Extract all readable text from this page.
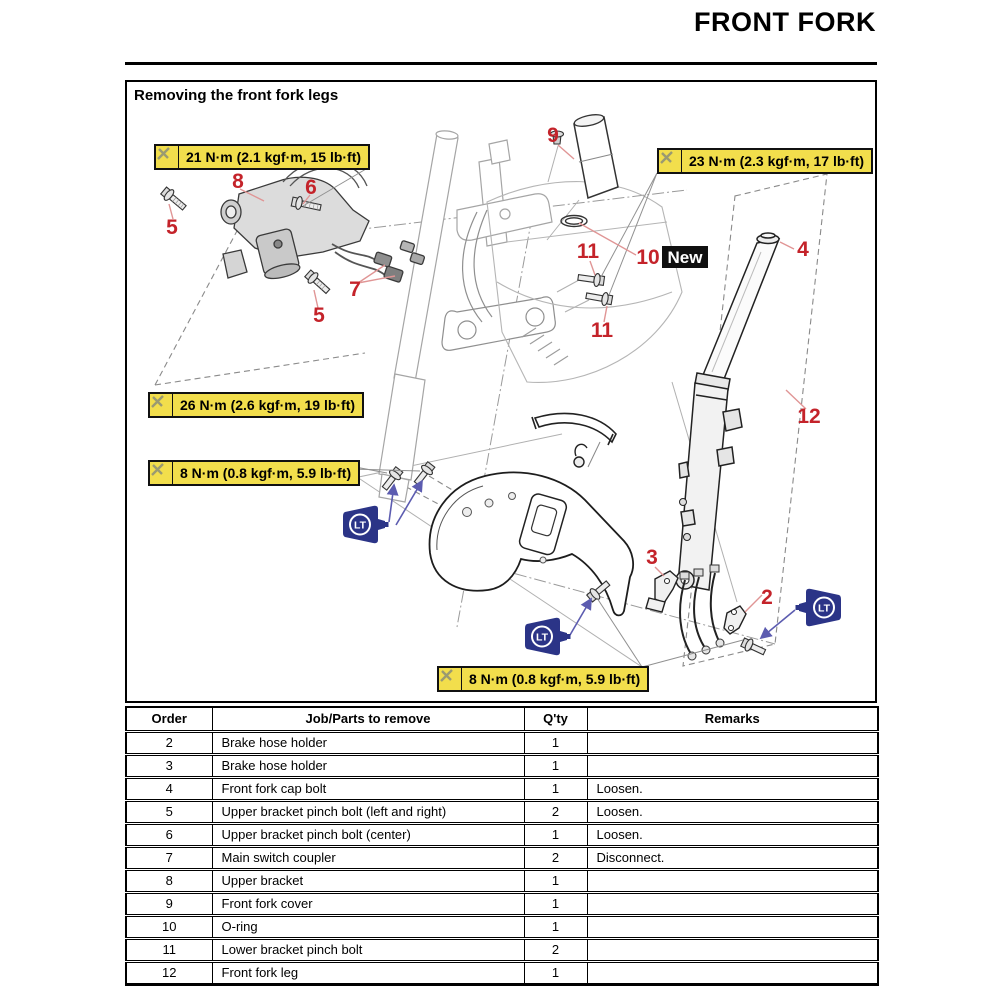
FRONT FORK
Removing the front fork legs
8	6
5
7
5
9
11 10
11
4
12
3
2
New
LT
LT
LT
21 N·m (2.1 kgf·m, 15 lb·ft)	23 N·m (2.3 kgf·m, 17 lb·ft)
26 N·m (2.6 kgf·m, 19 lb·ft)
8 N·m (0.8 kgf·m, 5.9 lb·ft)
8 N·m (0.8 kgf·m, 5.9 lb·ft)
Order	Job/Parts to remove	Q'ty	Remarks
2	Brake hose holder	1	
3	Brake hose holder	1	
4	Front fork cap bolt	1	Loosen.
5	Upper bracket pinch bolt (left and right)	2	Loosen.
6	Upper bracket pinch bolt (center)	1	Loosen.
7	Main switch coupler	2	Disconnect.
8	Upper bracket	1	
9	Front fork cover	1	
10	O-ring	1	
11	Lower bracket pinch bolt	2	
12	Front fork leg	1	
